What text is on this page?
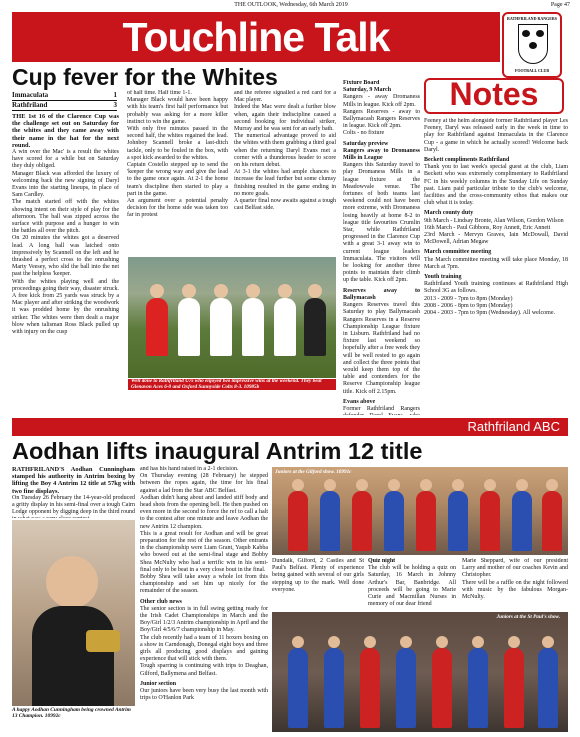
THE OUTLOOK, Wednesday, 6th March 2019	Page 47
Touchline Talk	RATHFRILAND RANGERS
FOOTBALL CLUB
Cup fever for the Whites
Immaculata	1
Rathfriland	3

THE 1st 16 of the Clarence Cup was the challenge set out on Saturday for the whites and they came away with their name in the hat for the next round.

A win over the Mac' is a result the whites have scored for a while but on Saturday they duly obliged.

Manager Black was afforded the luxury of welcoming back the new signing of Daryl Evans into the starting lineups, in place of Sam Cardley.

The match started off with the whites showing intent on their style of play for the afternoon. The ball was zipped across the surface with purpose and a hunger to win the battles all over the pitch.

On 20 minutes the whites got a deserved lead. A long ball was latched onto impressively by Scannell on the left and he thrashed a perfect cross to the onrushing Marty Veesey, who slid the ball into the net past the helpless 'keeper.

With the whites playing well and the proceedings going their way, disaster struck. A free kick from 25 yards was struck by a Mac player and after striking the woodwork it was prodded home by the onrushing striker. The whites were then dealt a major blow when talisman Ross Black pulled up with injury on the cusp

of half time. Half time 1-1.

Manager Black would have been happy with his team's first half performance but probably was asking for a more killer instinct to win the game.

With only five minutes passed in the second half, the whites regained the lead. Johnboy Scannell broke a last-ditch tackle, only to be fouled in the box, with a spot kick awarded to the whites.

Captain Costello stepped up to send the 'keeper the wrong way and give the lead to the game once again. At 2-1 the home team's discipline then started to play a part in the game.

An argument over a potential penalty decision for the home side was taken too far in protest

and the referee signalled a red card for a Mac player.

Indeed the Mac were dealt a further blow when, again their indiscipline caused a second booking for individual striker, Murray and he was sent for an early bath.

The numerical advantage proved to aid the whites with them grabbing a third goal when the returning Daryl Evans met a corner with a thunderous header to score on his return debut.

At 3-1 the whites had ample chances to increase the lead further but some clumsy finishing resulted in the game ending in no more goals.

A quarter final now awaits against a tough cast Belfast side.

Well done to Rathfriland U7s who enjoyed two impressive wins at the weekend. They beat Glenavon Aces 6-0 and Oxford Sunnyside Colts 8-3. 10985b

Fixture Board

Saturday, 9 March

Rangers - away Dromaness Mills in league. Kick off 2pm.

Rangers Reserves - away to Ballymacash Rangers Reserves in league. Kick off 2pm.

Colts - no fixture

Saturday preview

Rangers away to Dromaness Mills in League

Rangers this Saturday travel to play Dromaness Mills in a league fixture at the Meadowvale venue. The fortunes of both teams last weekend could not have been more extreme, with Dromaness losing heavily at home 8-2 to league title favourites Crumlin Star, while Rathfriland progressed in the Clarence Cup with a great 3-1 away win to current league leaders Immaculata. The visitors will be looking for another three points to maintain their climb up the table. Kick off 2pm.

Reserves away to Ballymacash

Rangers Reserves travel this Saturday to play Ballymacash Rangers Reserves in a Reserve Championship League fixture in Lisburn. Rathfriland had no fixture last weekend so hopefully after a free week they will be well rested to go again and collect the three points that would keep them top of the table and contenders for the Reserve Championship league title. Kick off 2.15pm.

Evans above

Former Rathfriland Rangers

Notes

Feeney at the helm alongside former Rathfriland player Les Feeney, Daryl was released early in the week in time to play for Rathfriland against Immaculata in the Clarence Cup - a game in which he actually scored! Welcome back Daryl.

Beckett compliments Rathfriland

Thank you to last week's special guest at the club, Liam Beckett who was extremely complimentary to Rathfriland FC in his weekly columns in the Sunday Life on Sunday past. Liam paid particular tribute to the club's welcome, facilities and the cross-community ethos that makes our club what it is today.

March county duty

9th March - Lindsay Bronte, Alan Wilson, Gordon Wilson

16th March - Paul Gibbons, Roy Annett, Eric Annett

23rd March - Mervyn Graves, Iain McDowall, David McDowell, Adrian Megaw

March committee meeting

The March committee meeting will take place Monday, 18 March at 7pm.

Youth training

Rathfriland Youth training continues at Rathfriland High School 3G as follows.

2013 - 2009 - 7pm to 8pm (Monday)

2008 - 2006 - 8pm to 9pm (Monday)

2004 - 2003 - 7pm to 9pm (Wednesday). All welcome.

Rathfriland ABC
Aodhan lifts inaugural Antrim 12 title

RATHFRILAND'S Aodhan Cunningham stamped his authority in Antrim boxing by lifting the Boy 4 Antrim 12 title at 57kg with two fine displays.

On Tuesday 26 February the 14-year-old produced a gritty display in his semi-final over a tough Cairn Lodge opponent by digging deep in the third round

and has his hand raised in a 2-1 decision.

On Thursday evening (28 February) he stepped between the ropes again, the time for his final against a lad from the Star ABC Belfast.

Aodhan didn't hang about and landed stiff body and head shots from the opening bell. He then pushed on even more in the second to force the ref to call a halt to the contest after one minute and leave Aodhan the new Antrim 12 champion.

This is a great result for Aodhan and will be great preparation for the rest of the season. Other entrants in the championship were Liam Grant, Yaqub Kabba who bowed out at the semi-final stage and Bobby Shea McNulty who had a terrific win in his semi-final only to be beat in a very close bout in the final.

Bobby Shea will take away a whole lot from this championship and set him up nicely for the remainder of the season.

Other club news

The senior section is in full swing getting ready for the Irish Cadet Championships in March and the Boy/Girl 1/2/3 Antrim championship in April and the Boy/Girl 4/5/6/7 championship in May.

The club recently had a team of 11 boxers boxing on a show in Carndonagh, Donegal eight boys and three girls all producing good displays and gaining experience that will stick with them.

Tough sparring is continuing with trips to Deaghan, Gilford, Ballymena and Belfast.

Junior section

Our juniors have been very busy the last month with trips to O'Hanlon Park

Juniors at the Gilford show. 10991c

Dundalk, Gilford, 2 Castles and St Paul's Belfast. Plenty of experience being gained with several of our girls stepping up to the mark. Well done everyone.

Quiz night

The club will be holding a quiz on Saturday, 16 March in Johnny Arthur's Bar, Banbridge. All proceeds will be going to Marie Curie and Macmillan Nurses in memory of our dear friend

Marie Sheppard, wife of our president Larry and mother of our coaches Kevin and Christopher.

There will be a raffle on the night followed with music by the fabulous Morgan-McNulty.

Juniors at the St Paul's show.
A happy Aodhan Cunningham being crowned Antrim 13 Champion. 10992c
